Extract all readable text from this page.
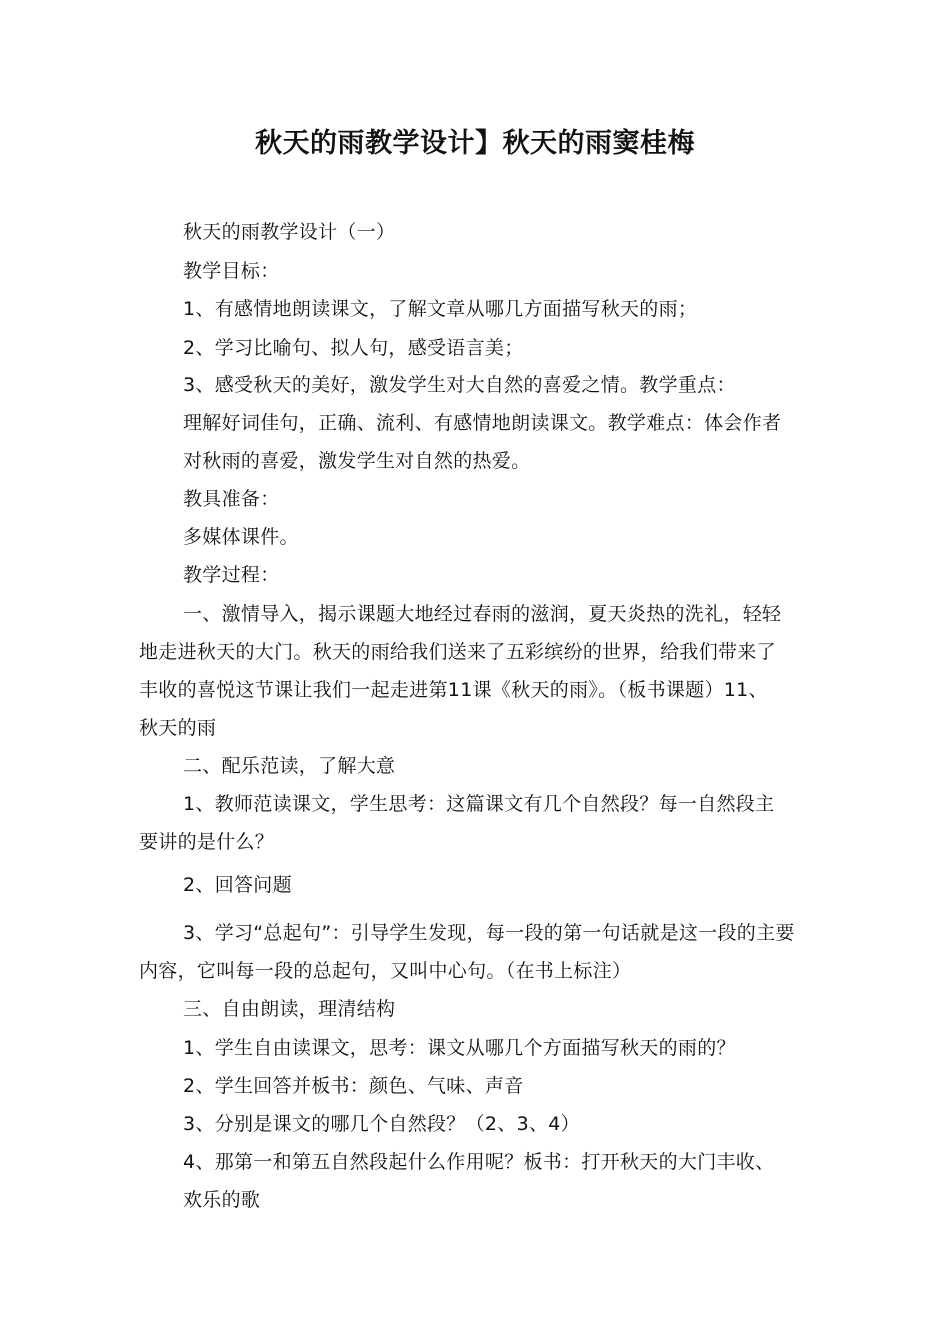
秋天的雨教学设计】秋天的雨窦桂梅
秋天的雨教学设计（一）
教学目标：
1、有感情地朗读课文，了解文章从哪几方面描写秋天的雨；
2、学习比喻句、拟人句，感受语言美；
3、感受秋天的美好，激发学生对大自然的喜爱之情。教学重点：
理解好词佳句，正确、流利、有感情地朗读课文。教学难点：体会作者
对秋雨的喜爱，激发学生对自然的热爱。
教具准备：
多媒体课件。
教学过程：
一、激情导入，揭示课题大地经过春雨的滋润，夏天炎热的洗礼，轻轻
地走进秋天的大门。秋天的雨给我们送来了五彩缤纷的世界，给我们带来了
丰收的喜悦这节课让我们一起走进第11课《秋天的雨》。（板书课题）11、
秋天的雨
二、配乐范读，了解大意
1、教师范读课文，学生思考：这篇课文有几个自然段？每一自然段主
要讲的是什么？
2、回答问题
3、学习“总起句”：引导学生发现，每一段的第一句话就是这一段的主要
内容，它叫每一段的总起句，又叫中心句。（在书上标注）
三、自由朗读，理清结构
1、学生自由读课文，思考：课文从哪几个方面描写秋天的雨的？
2、学生回答并板书：颜色、气味、声音
3、分别是课文的哪几个自然段？（2、3、4）
4、那第一和第五自然段起什么作用呢？板书：打开秋天的大门丰收、
欢乐的歌
